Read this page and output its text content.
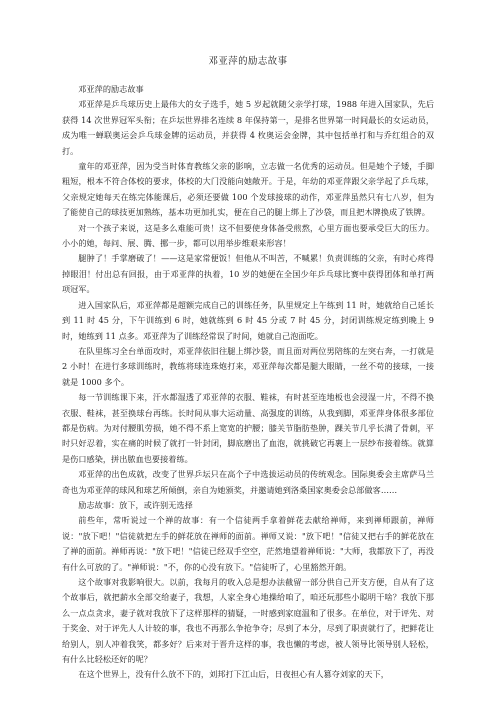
邓亚萍的励志故事

邓亚萍的励志故事

邓亚萍是乒乓球历史上最伟大的女子选手，她 5 岁起就随父亲学打球，1988 年进入国家队，先后获得 14 次世界冠军头衔；在乒坛世界排名连续 8 年保持第一，是排名世界第一时间最长的女运动员，成为唯一蝉联奥运会乒乓球金牌的运动员，并获得 4 枚奥运会金牌，其中包括单打和与乔红组合的双打。

童年的邓亚萍，因为受当时体育教练父亲的影响，立志做一名优秀的运动员。但是她个子矮，手脚粗短，根本不符合体校的要求，体校的大门没能向她敞开。于是，年幼的邓亚萍跟父亲学起了乒乓球，父亲规定她每天在练完体能课后，必须还要做 100 个发球接球的动作，邓亚萍虽然只有七八岁，但为了能使自己的球技更加熟练，基本功更加扎实，便在自己的腿上绑上了沙袋，而且把木牌换成了铁牌。

对一个孩子来说，这是多么难能可贵！这不但要使身体备受煎熬，心里方面也要承受巨大的压力。小小的她，每问、展、腾、挪一步，都可以用举步维艰来形容！

腿肿了！手掌磨破了！——这是家常便饭！但他从不叫苦，不喊累！负责训练的父亲，有时心疼得掉眼泪！付出总有回报，由于邓亚萍的执着，10 岁的她便在全国少年乒乓球比赛中获得团体和单打两项冠军。

进入国家队后，邓亚萍都是超额完成自己的训练任务，队里规定上午练到 11 时，她就给自己延长到 11 时 45 分，下午训练到 6 时，她就练到 6 时 45 分或 7 时 45 分，封闭训练规定练到晚上 9 时，她练到 11 点多。邓亚萍为了训练经常误了时间，她就自己泡面吃。

在队里练习全台单面攻时，邓亚萍依旧往腿上绑沙袋，而且面对两位男陪练的左突右奔，一打就是 2 小时！在进行多球训练时，教练将球连珠炮打来，邓亚萍每次都是腿大眼睛，一丝不苟的接球，一接就是 1000 多个。

每一节训练课下来，汗水都湿透了邓亚萍的衣服、鞋袜，有时甚至连地板也会浸湿一片，不得不换衣服、鞋袜，甚至换球台再练。长时间从事大运动量、高强度的训练，从我到脚，邓亚萍身体很多部位都是伤病。为对付腰肌劳损，她不得不系上宽宽的护腰；膝关节脂肪垫肿，踝关节几乎长满了骨刺，平时只好忍着，实在痛的时候了就打一针封闭，脚底磨出了血泡，就挑破它再裹上一层纱布接着练。就算是伤口感染，拼出脓血也要接着练。

邓亚萍的出色成就，改变了世界乒坛只在高个子中选拔运动员的传统观念。国际奥委会主席萨马兰奇也为邓亚萍的球风和球艺所倾倒，亲自为她颁奖，并邀请她到洛桑国家奥委会总部做客……

励志故事：放下，或许别无选择

前些年，常听说过一个禅的故事：有一个信徒两手拿着鲜花去献给禅师，来到禅师跟前，禅师说："放下吧！"信徒就把左手的鲜花放在禅师的面前。禅师又说："放下吧！"信徒又把右手的鲜花放在了禅的面前。禅师再说："放下吧！"信徒已经双手空空，茫然地望着禅师说："大师，我都放下了，再没有什么可放的了。"禅师说："不，你的心没有放下。"信徒听了，心里豁然开朗。

这个故事对我影响很大。以前，我每月的收入总是想办法截留一部分供自己开支方便，自从有了这个故事后，就把薪水全部交给妻子，我想，人家全身心地操给咱了，咱还玩那些小聪明干啥？我放下那么一点点贪求，妻子就对我放下了这样那样的猜疑，一时感到家庭温和了很多。在单位，对于评先、对于奖金、对于评先人人计较的事，我也不再那么争抢争夺；尽到了本分，尽到了职责就行了，把鲜花让给别人，别人冲着我笑，都多好？后来对于晋升这样的事，我也懒的考虑，被人领导比领导别人轻松，有什么比轻松还好的呢？

在这个世界上，没有什么放不下的，刘邦打下江山后，日夜担心有人篡夺刘家的天下，
